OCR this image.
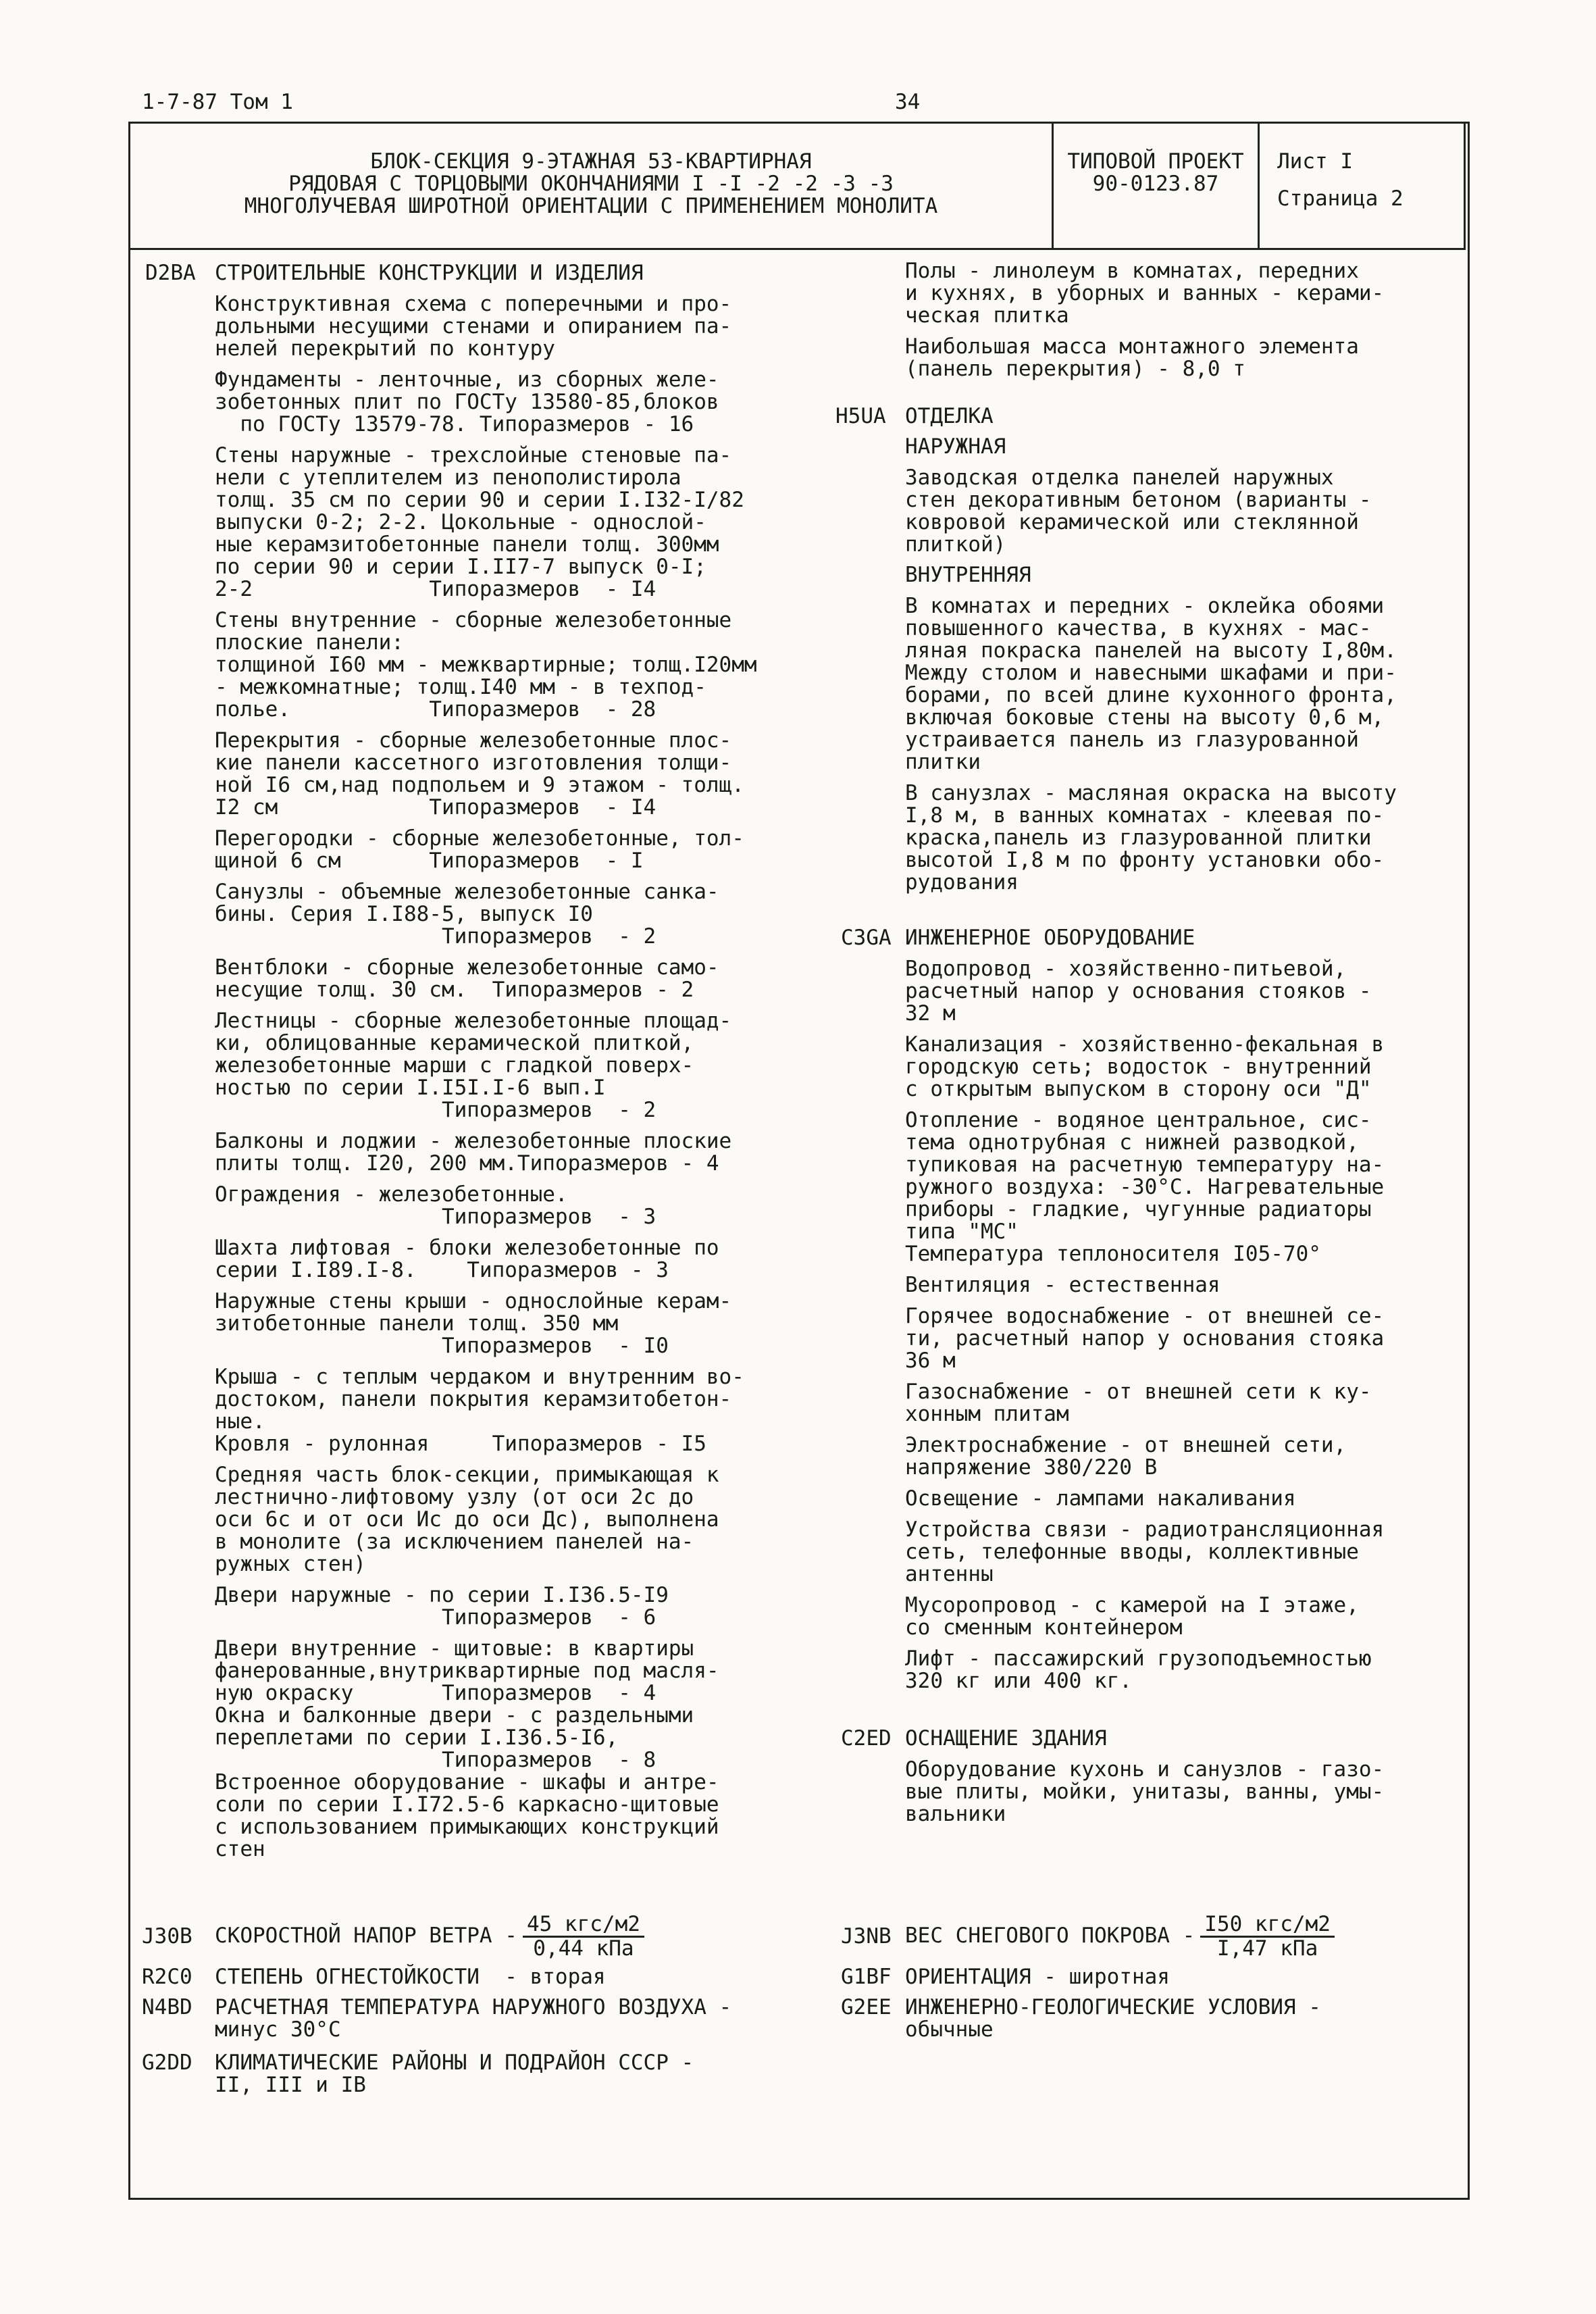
1-7-87 Том 1	34
БЛОК-СЕКЦИЯ 9-ЭТАЖНАЯ 53-КВАРТИРНАЯ
РЯДОВАЯ С ТОРЦОВЫМИ ОКОНЧАНИЯМИ I -I -2 -2 -3 -3
МНОГОЛУЧЕВАЯ ШИРОТНОЙ ОРИЕНТАЦИИ С ПРИМЕНЕНИЕМ МОНОЛИТА
ТИПОВОЙ ПРОЕКТ
90-0123.87
Лист I
Страница 2
D2BA СТРОИТЕЛЬНЫЕ КОНСТРУКЦИИ И ИЗДЕЛИЯ
Конструктивная схема с поперечными и про-
дольными несущими стенами и опиранием па-
нелей перекрытий по контуру
Фундаменты - ленточные, из сборных желе-
зобетонных плит по ГОСТу 13580-85,блоков
по ГОСТу 13579-78. Типоразмеров - 16
Стены наружные - трехслойные стеновые па-
нели с утеплителем из пенополистирола
толщ. 35 см по серии 90 и серии I.I32-I/82
выпуски 0-2; 2-2. Цокольные - однослой-
ные керамзитобетонные панели толщ. 300мм
по серии 90 и серии I.II7-7 выпуск 0-I;
2-2              Типоразмеров  - I4
Стены внутренние - сборные железобетонные
плоские панели:
толщиной I60 мм - межквартирные; толщ.I20мм
- межкомнатные; толщ.I40 мм - в техпод-
полье.           Типоразмеров  - 28
Перекрытия - сборные железобетонные плос-
кие панели кассетного изготовления толщи-
ной I6 см,над подпольем и 9 этажом - толщ.
I2 см            Типоразмеров  - I4
Перегородки - сборные железобетонные, тол-
щиной 6 см       Типоразмеров  - I
Санузлы - объемные железобетонные санка-
бины. Серия I.I88-5, выпуск I0
Типоразмеров  - 2
Вентблоки - сборные железобетонные само-
несущие толщ. 30 см.  Типоразмеров - 2
Лестницы - сборные железобетонные площад-
ки, облицованные керамической плиткой,
железобетонные марши с гладкой поверх-
ностью по серии I.I5I.I-6 вып.I
Типоразмеров  - 2
Балконы и лоджии - железобетонные плоские
плиты толщ. I20, 200 мм.Типоразмеров - 4
Ограждения - железобетонные.
Типоразмеров  - 3
Шахта лифтовая - блоки железобетонные по
серии I.I89.I-8.    Типоразмеров - 3
Наружные стены крыши - однослойные керам-
зитобетонные панели толщ. 350 мм
Типоразмеров  - I0
Крыша - с теплым чердаком и внутренним во-
достоком, панели покрытия керамзитобетон-
ные.
Кровля - рулонная     Типоразмеров - I5
Средняя часть блок-секции, примыкающая к
лестнично-лифтовому узлу (от оси 2с до
оси 6с и от оси Ис до оси Дс), выполнена
в монолите (за исключением панелей на-
ружных стен)
Двери наружные - по серии I.I36.5-I9
Типоразмеров  - 6
Двери внутренние - щитовые: в квартиры
фанерованные,внутриквартирные под масля-
ную окраску       Типоразмеров  - 4
Окна и балконные двери - с раздельными
переплетами по серии I.I36.5-I6,
Типоразмеров  - 8
Встроенное оборудование - шкафы и антре-
соли по серии I.I72.5-6 каркасно-щитовые
с использованием примыкающих конструкций
стен
Полы - линолеум в комнатах, передних
и кухнях, в уборных и ванных - керами-
ческая плитка
Наибольшая масса монтажного элемента
(панель перекрытия) - 8,0 т
H5UA ОТДЕЛКА
НАРУЖНАЯ
Заводская отделка панелей наружных
стен декоративным бетоном (варианты -
ковровой керамической или стеклянной
плиткой)
ВНУТРЕННЯЯ
В комнатах и передних - оклейка обоями
повышенного качества, в кухнях - мас-
ляная покраска панелей на высоту I,80м.
Между столом и навесными шкафами и при-
борами, по всей длине кухонного фронта,
включая боковые стены на высоту 0,6 м,
устраивается панель из глазурованной
плитки
В санузлах - масляная окраска на высоту
I,8 м, в ванных комнатах - клеевая по-
краска,панель из глазурованной плитки
высотой I,8 м по фронту установки обо-
рудования
C3GA ИНЖЕНЕРНОЕ ОБОРУДОВАНИЕ
Водопровод - хозяйственно-питьевой,
расчетный напор у основания стояков -
32 м
Канализация - хозяйственно-фекальная в
городскую сеть; водосток - внутренний
с открытым выпуском в сторону оси "Д"
Отопление - водяное центральное, сис-
тема однотрубная с нижней разводкой,
тупиковая на расчетную температуру на-
ружного воздуха: -30°С. Нагревательные
приборы - гладкие, чугунные радиаторы
типа "МС"
Температура теплоносителя I05-70°
Вентиляция - естественная
Горячее водоснабжение - от внешней се-
ти, расчетный напор у основания стояка
36 м
Газоснабжение - от внешней сети к ку-
хонным плитам
Электроснабжение - от внешней сети,
напряжение 380/220 В
Освещение - лампами накаливания
Устройства связи - радиотрансляционная
сеть, телефонные вводы, коллективные
антенны
Мусоропровод - с камерой на I этаже,
со сменным контейнером
Лифт - пассажирский грузоподъемностью
320 кг или 400 кг.
C2ED ОСНАЩЕНИЕ ЗДАНИЯ
Оборудование кухонь и санузлов - газо-
вые плиты, мойки, унитазы, ванны, умы-
вальники
J30B СКОРОСТНОЙ НАПОР ВЕТРА - $\frac{\text{45 кгс/м2}}{\text{0,44 кПа}}$
R2C0 СТЕПЕНЬ ОГНЕСТОЙКОСТИ  - вторая
N4BD РАСЧЕТНАЯ ТЕМПЕРАТУРА НАРУЖНОГО ВОЗДУХА -
минус 30°С
G2DD КЛИМАТИЧЕСКИЕ РАЙОНЫ И ПОДРАЙОН СССР -
II, III и IВ
J3NB ВЕС СНЕГОВОГО ПОКРОВА - $\frac{\text{I50 кгс/м2}}{\text{I,47 кПа}}$
G1BF ОРИЕНТАЦИЯ - широтная
G2EE ИНЖЕНЕРНО-ГЕОЛОГИЧЕСКИЕ УСЛОВИЯ -
обычные
